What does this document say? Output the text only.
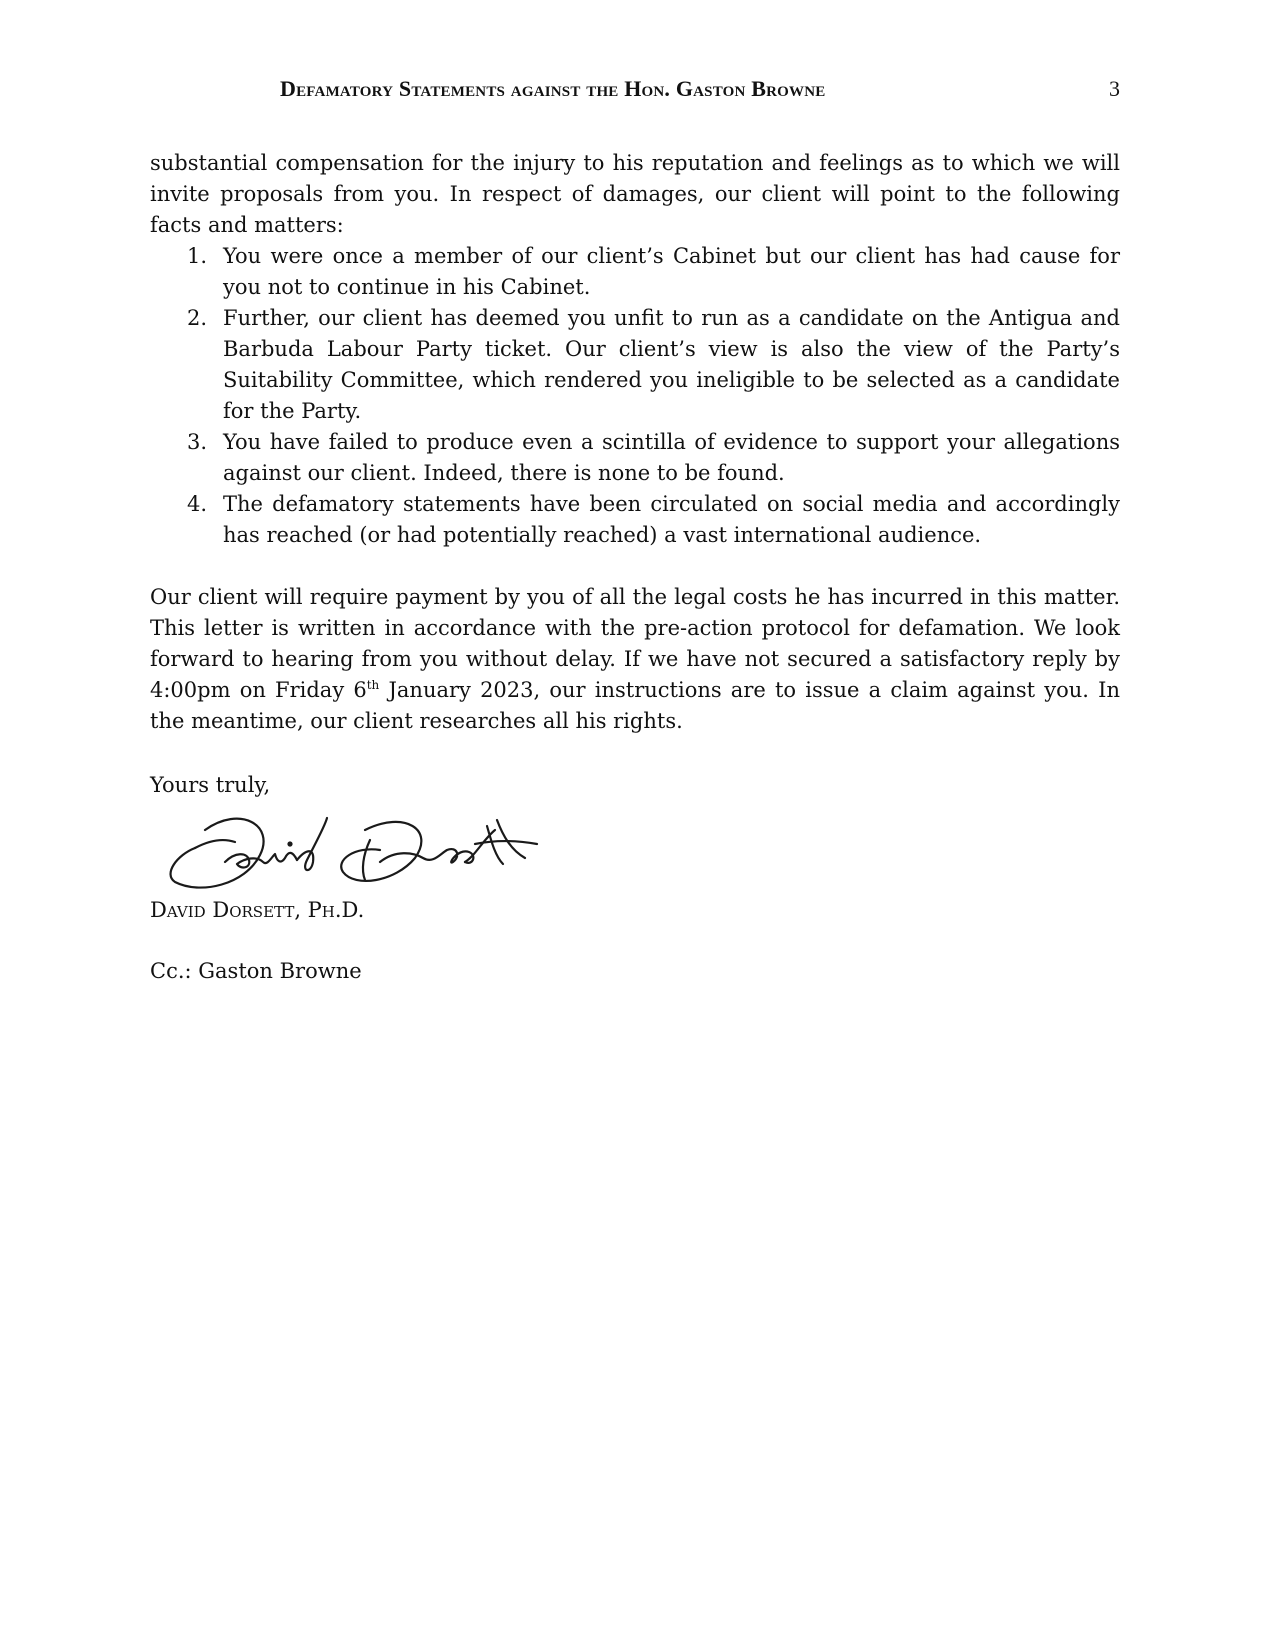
Defamatory Statements against the Hon. Gaston Browne	3

substantial compensation for the injury to his reputation and feelings as to which we will invite proposals from you. In respect of damages, our client will point to the following facts and matters:

1. You were once a member of our client’s Cabinet but our client has had cause for you not to continue in his Cabinet.
2. Further, our client has deemed you unfit to run as a candidate on the Antigua and Barbuda Labour Party ticket. Our client’s view is also the view of the Party’s Suitability Committee, which rendered you ineligible to be selected as a candidate for the Party.
3. You have failed to produce even a scintilla of evidence to support your allegations against our client. Indeed, there is none to be found.
4. The defamatory statements have been circulated on social media and accordingly has reached (or had potentially reached) a vast international audience.

Our client will require payment by you of all the legal costs he has incurred in this matter. This letter is written in accordance with the pre-action protocol for defamation. We look forward to hearing from you without delay. If we have not secured a satisfactory reply by 4:00pm on Friday 6th January 2023, our instructions are to issue a claim against you. In the meantime, our client researches all his rights.

Yours truly,
David Dorsett, Ph.D.
Cc.: Gaston Browne
